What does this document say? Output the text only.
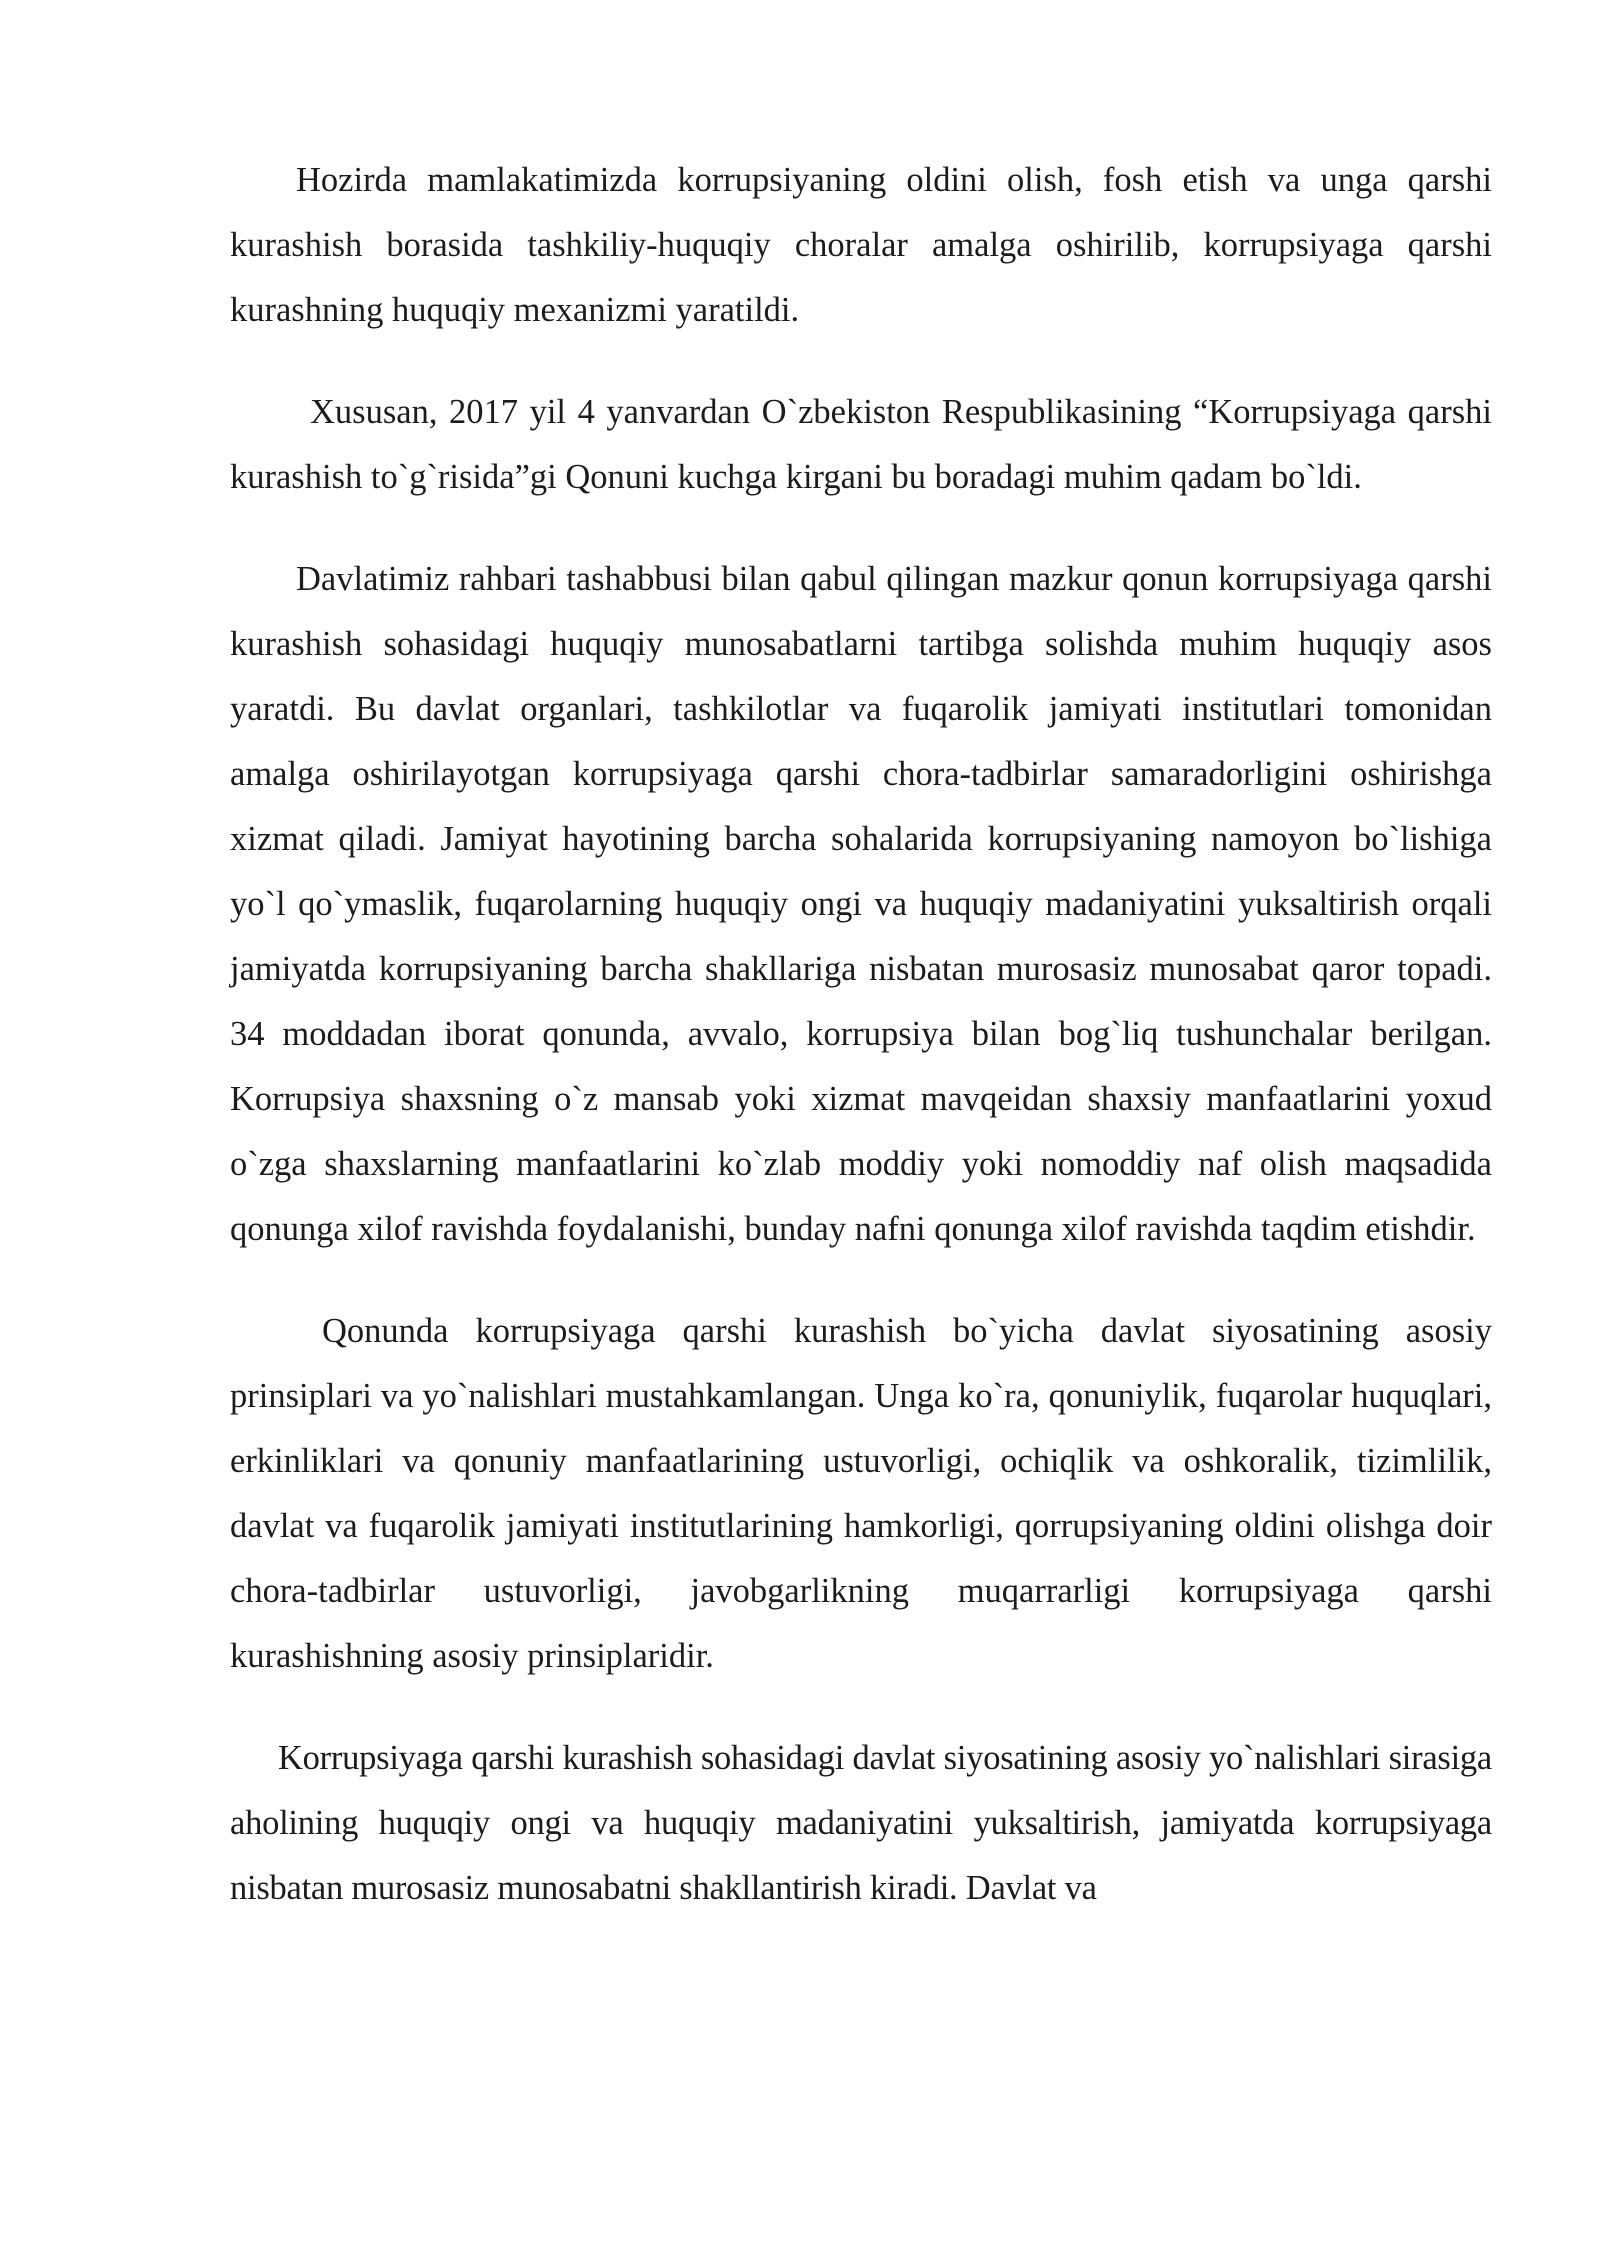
Hozirda mamlakatimizda korrupsiyaning oldini olish, fosh etish va unga qarshi kurashish borasida tashkiliy-huquqiy choralar amalga oshirilib, korrupsiyaga qarshi kurashning huquqiy mexanizmi yaratildi.

Xususan, 2017 yil 4 yanvardan O`zbekiston Respublikasining “Korrupsiyaga qarshi kurashish to`g`risida”gi Qonuni kuchga kirgani bu boradagi muhim qadam bo`ldi.

Davlatimiz rahbari tashabbusi bilan qabul qilingan mazkur qonun korrupsiyaga qarshi kurashish sohasidagi huquqiy munosabatlarni tartibga solishda muhim huquqiy asos yaratdi. Bu davlat organlari, tashkilotlar va fuqarolik jamiyati institutlari tomonidan amalga oshirilayotgan korrupsiyaga qarshi chora-tadbirlar samaradorligini oshirishga xizmat qiladi. Jamiyat hayotining barcha sohalarida korrupsiyaning namoyon bo`lishiga yo`l qo`ymaslik, fuqarolarning huquqiy ongi va huquqiy madaniyatini yuksaltirish orqali jamiyatda korrupsiyaning barcha shakllariga nisbatan murosasiz munosabat qaror topadi. 34 moddadan iborat qonunda, avvalo, korrupsiya bilan bog`liq tushunchalar berilgan. Korrupsiya shaxsning o`z mansab yoki xizmat mavqeidan shaxsiy manfaatlarini yoxud o`zga shaxslarning manfaatlarini ko`zlab moddiy yoki nomoddiy naf olish maqsadida qonunga xilof ravishda foydalanishi, bunday nafni qonunga xilof ravishda taqdim etishdir.

Qonunda korrupsiyaga qarshi kurashish bo`yicha davlat siyosatining asosiy prinsiplari va yo`nalishlari mustahkamlangan. Unga ko`ra, qonuniylik, fuqarolar huquqlari, erkinliklari va qonuniy manfaatlarining ustuvorligi, ochiqlik va oshkoralik, tizimlilik, davlat va fuqarolik jamiyati institutlarining hamkorligi, qorrupsiyaning oldini olishga doir chora-tadbirlar ustuvorligi, javobgarlikning muqarrarligi korrupsiyaga qarshi kurashishning asosiy prinsiplaridir.

Korrupsiyaga qarshi kurashish sohasidagi davlat siyosatining asosiy yo`nalishlari sirasiga aholining huquqiy ongi va huquqiy madaniyatini yuksaltirish, jamiyatda korrupsiyaga nisbatan murosasiz munosabatni shakllantirish kiradi. Davlat va
